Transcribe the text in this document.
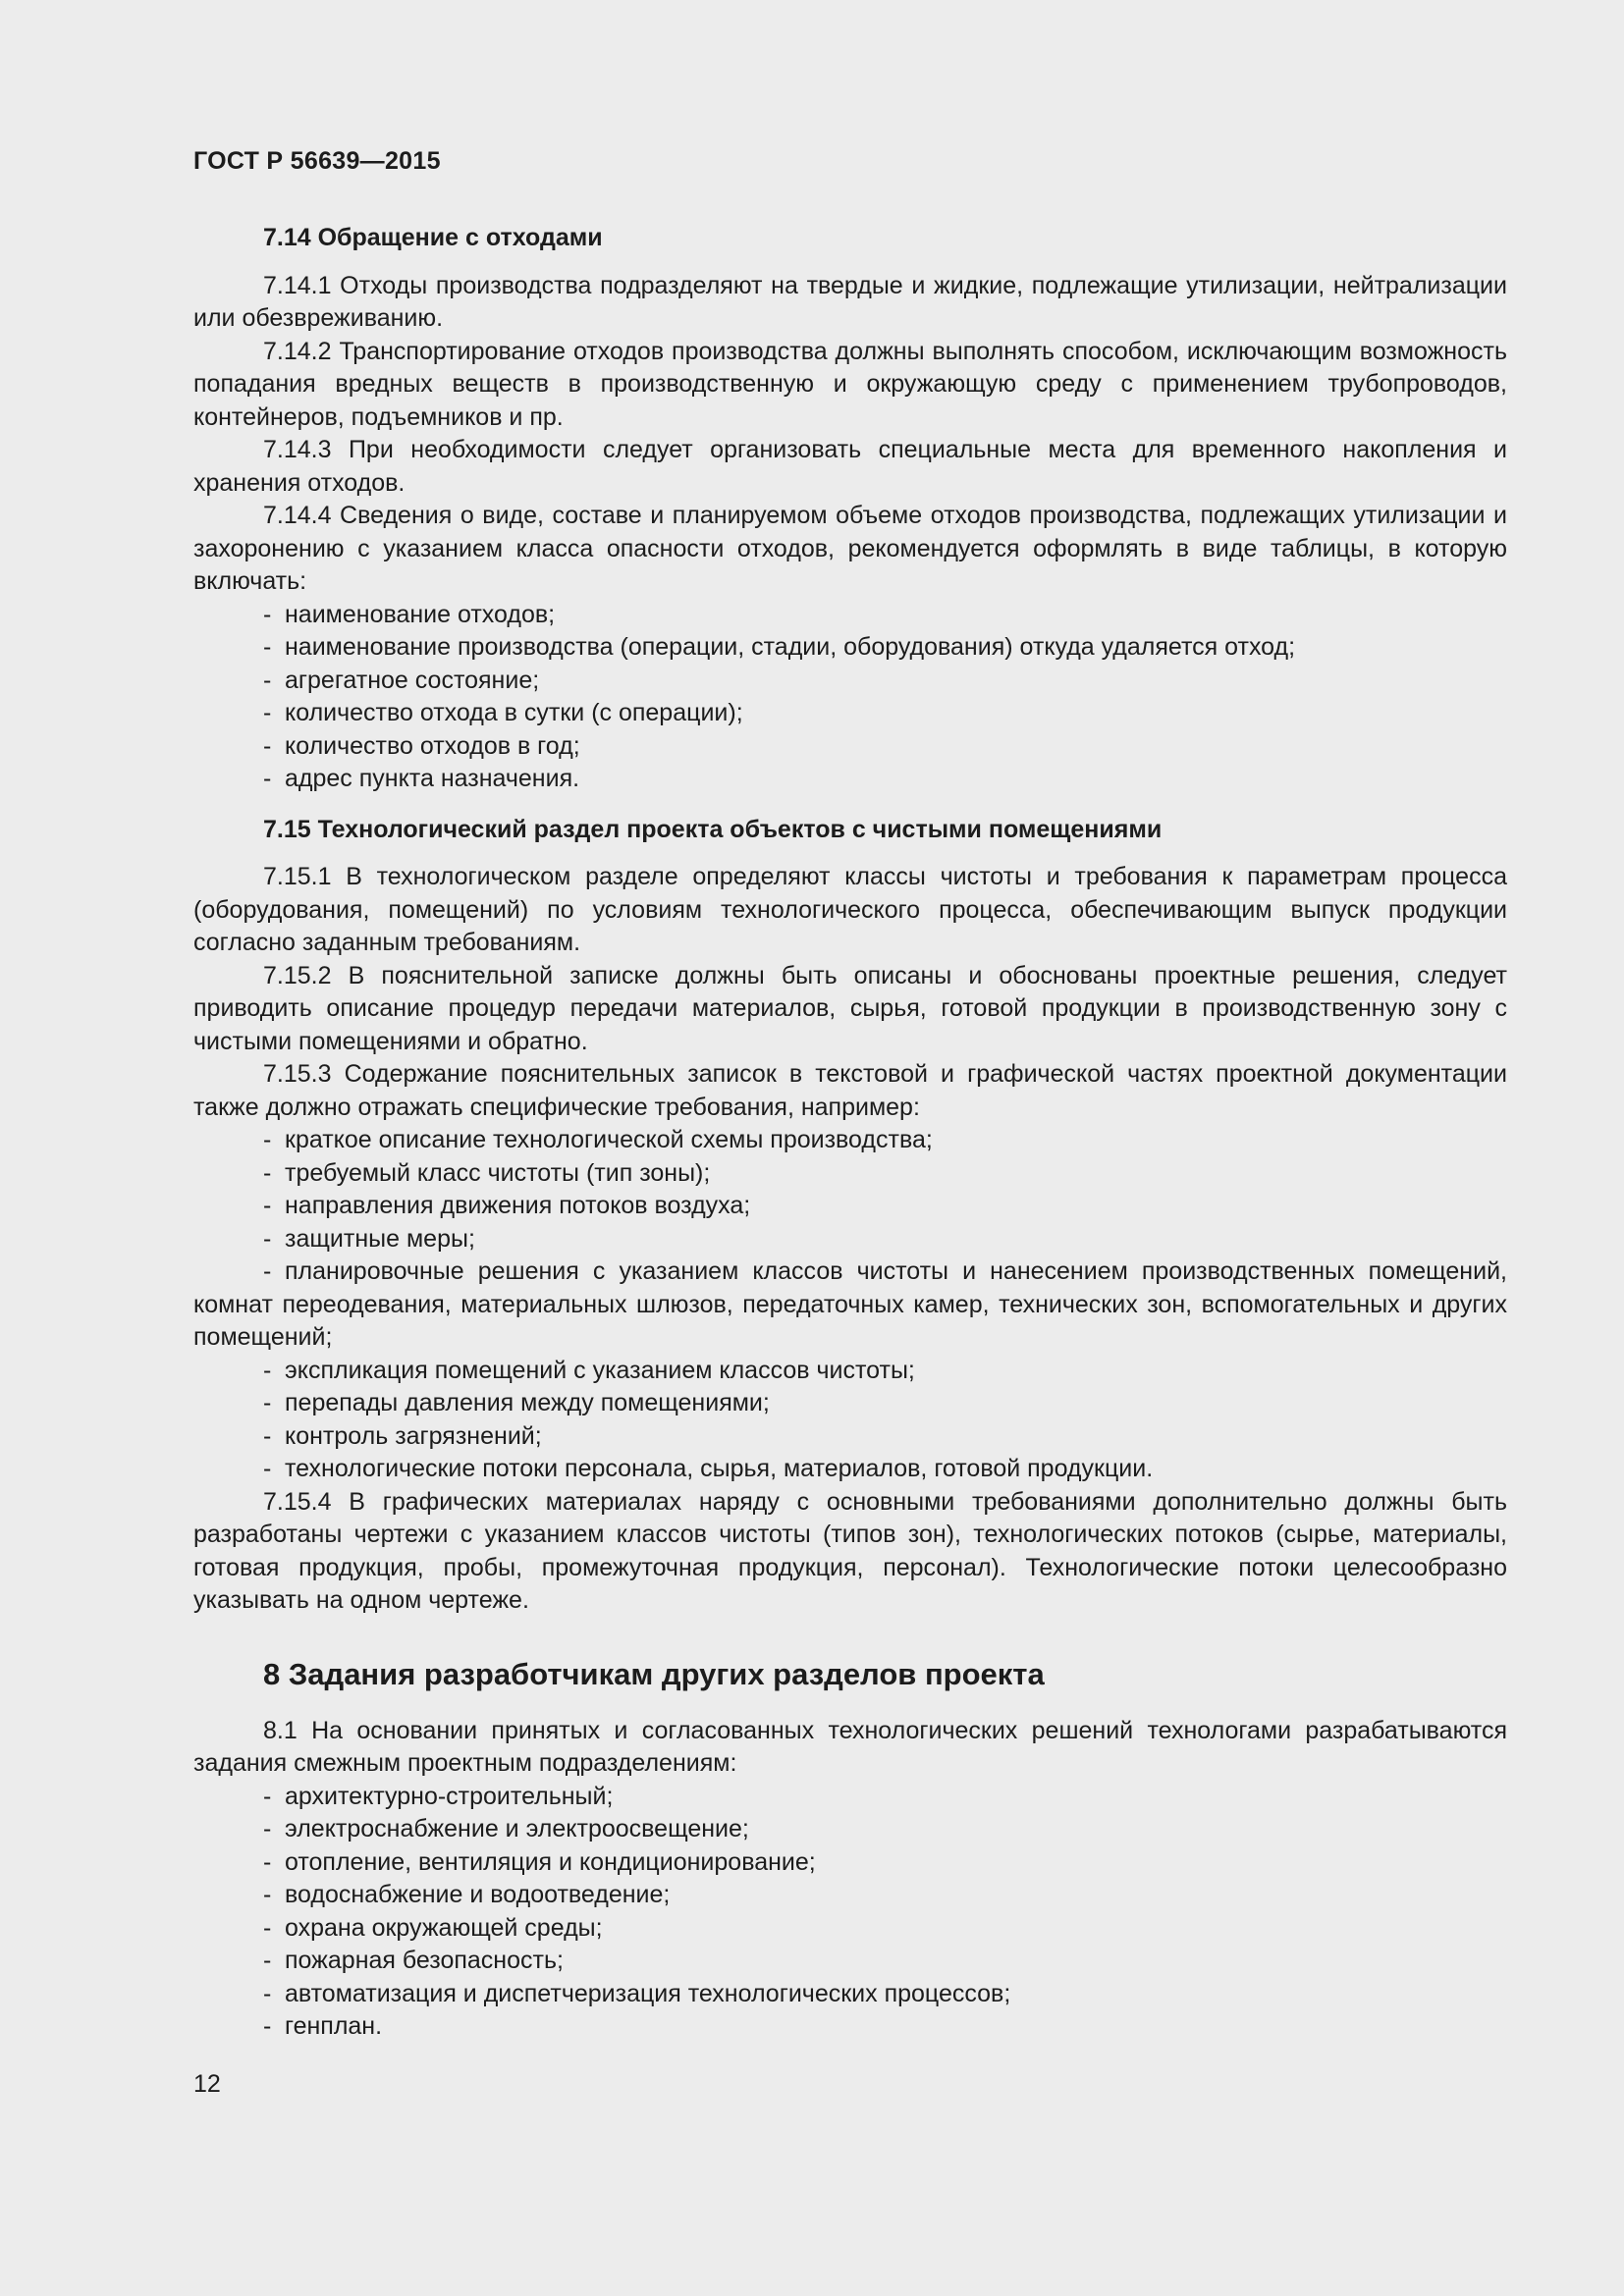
ГОСТ Р 56639—2015
7.14 Обращение с отходами
7.14.1 Отходы производства подразделяют на твердые и жидкие, подлежащие утилизации, нейтрализации или обезвреживанию.
7.14.2 Транспортирование отходов производства должны выполнять способом, исключающим возможность попадания вредных веществ в производственную и окружающую среду с применением трубопроводов, контейнеров, подъемников и пр.
7.14.3 При необходимости следует организовать специальные места для временного накопления и хранения отходов.
7.14.4 Сведения о виде, составе и планируемом объеме отходов производства, подлежащих утилизации и захоронению с указанием класса опасности отходов, рекомендуется оформлять в виде таблицы, в которую включать:
- наименование отходов;
- наименование производства (операции, стадии, оборудования) откуда удаляется отход;
- агрегатное состояние;
- количество отхода в сутки (с операции);
- количество отходов в год;
- адрес пункта назначения.
7.15 Технологический раздел проекта объектов с чистыми помещениями
7.15.1 В технологическом разделе определяют классы чистоты и требования к параметрам процесса (оборудования, помещений) по условиям технологического процесса, обеспечивающим выпуск продукции согласно заданным требованиям.
7.15.2 В пояснительной записке должны быть описаны и обоснованы проектные решения, следует приводить описание процедур передачи материалов, сырья, готовой продукции в производственную зону с чистыми помещениями и обратно.
7.15.3 Содержание пояснительных записок в текстовой и графической частях проектной документации также должно отражать специфические требования, например:
- краткое описание технологической схемы производства;
- требуемый класс чистоты (тип зоны);
- направления движения потоков воздуха;
- защитные меры;
- планировочные решения с указанием классов чистоты и нанесением производственных помещений, комнат переодевания, материальных шлюзов, передаточных камер, технических зон, вспомогательных и других помещений;
- экспликация помещений с указанием классов чистоты;
- перепады давления между помещениями;
- контроль загрязнений;
- технологические потоки персонала, сырья, материалов, готовой продукции.
7.15.4 В графических материалах наряду с основными требованиями дополнительно должны быть разработаны чертежи с указанием классов чистоты (типов зон), технологических потоков (сырье, материалы, готовая продукция, пробы, промежуточная продукция, персонал). Технологические потоки целесообразно указывать на одном чертеже.
8 Задания разработчикам других разделов проекта
8.1 На основании принятых и согласованных технологических решений технологами разрабатываются задания смежным проектным подразделениям:
- архитектурно-строительный;
- электроснабжение и электроосвещение;
- отопление, вентиляция и кондиционирование;
- водоснабжение и водоотведение;
- охрана окружающей среды;
- пожарная безопасность;
- автоматизация и диспетчеризация технологических процессов;
- генплан.
12
